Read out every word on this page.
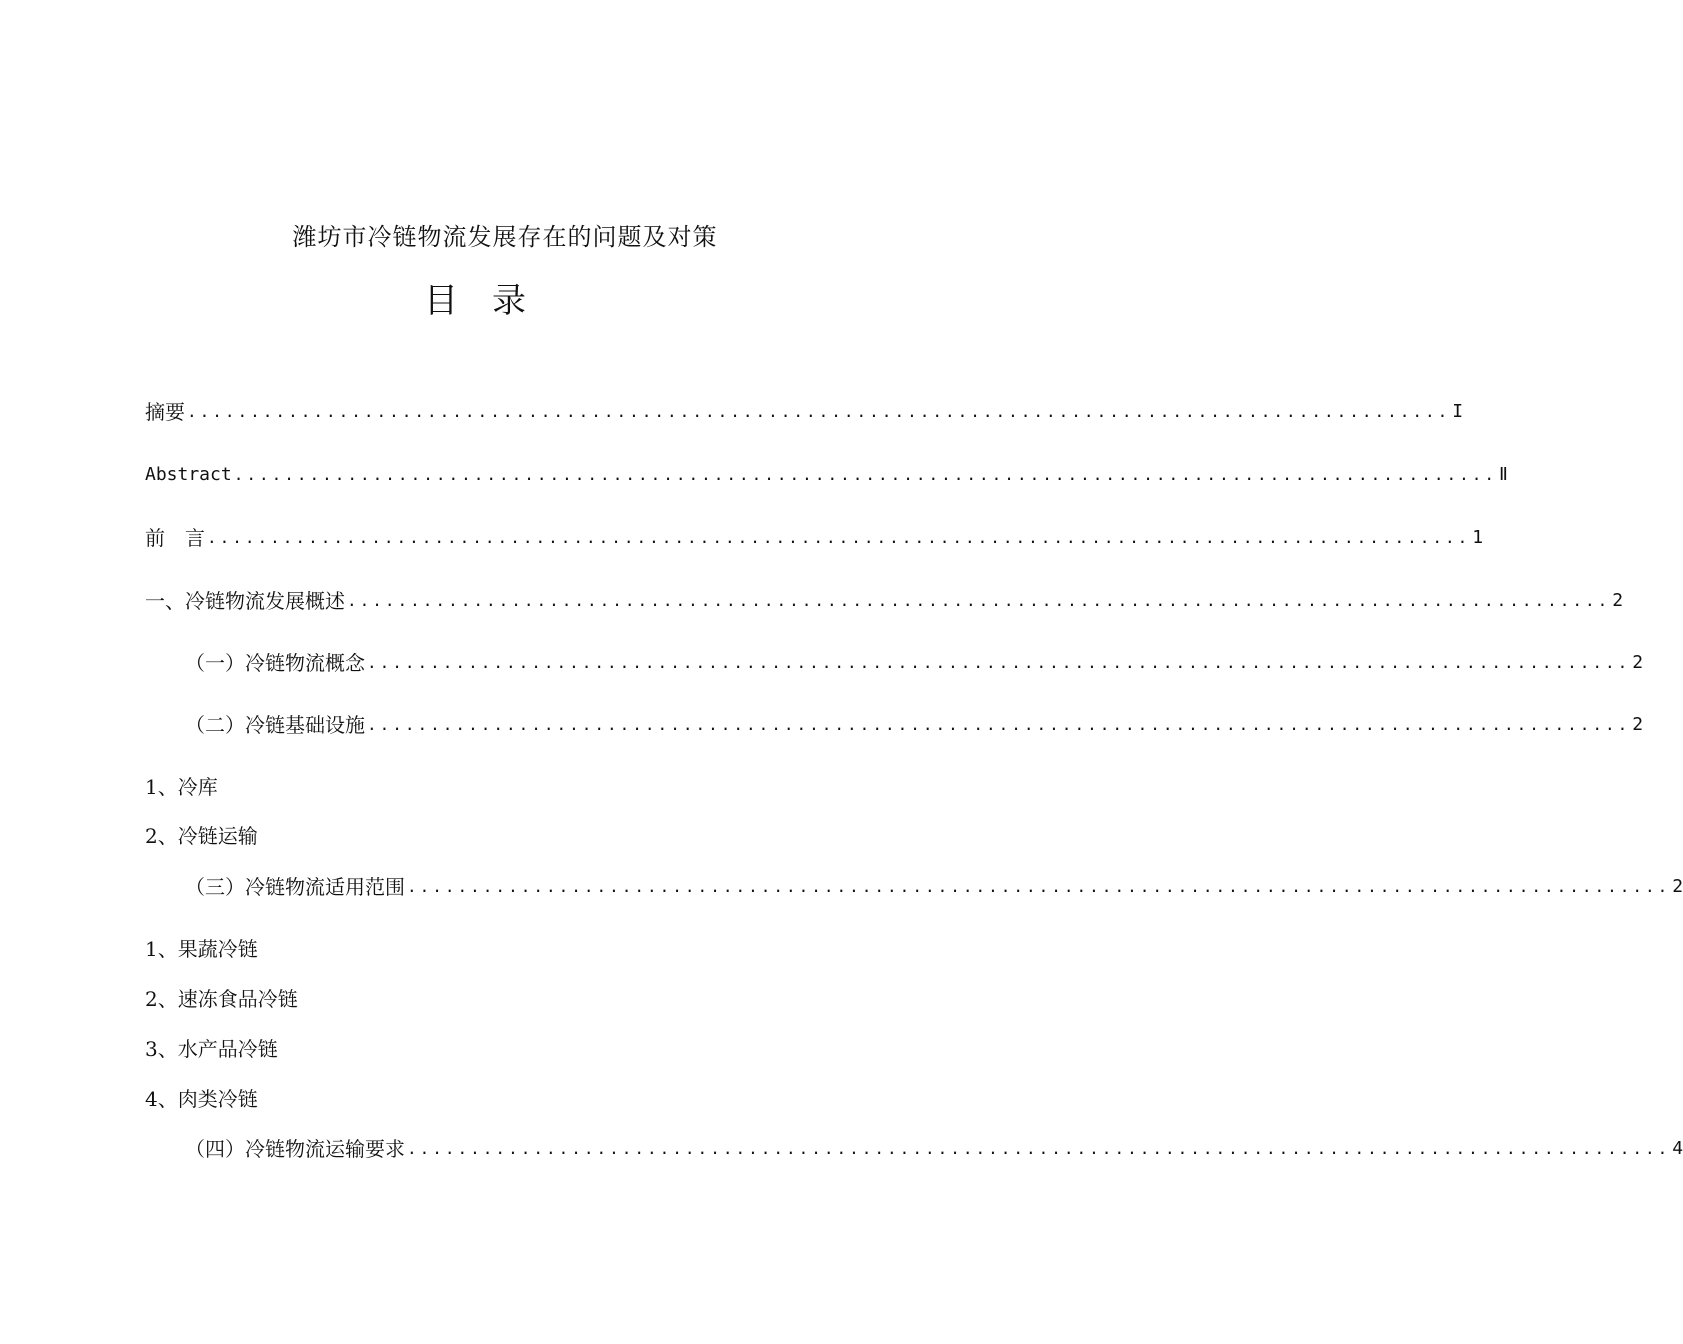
潍坊市冷链物流发展存在的问题及对策
目　录
摘要 .................................................................................................... I
Abstract .................................................................................................... Ⅱ
前　言 .................................................................................................... 1
一、冷链物流发展概述 .................................................................................................... 2
（一）冷链物流概念 .................................................................................................... 2
（二）冷链基础设施 .................................................................................................... 2
1、冷库
2、冷链运输
（三）冷链物流适用范围 .................................................................................................... 2
1、果蔬冷链
2、速冻食品冷链
3、水产品冷链
4、肉类冷链
（四）冷链物流运输要求 .................................................................................................... 4
